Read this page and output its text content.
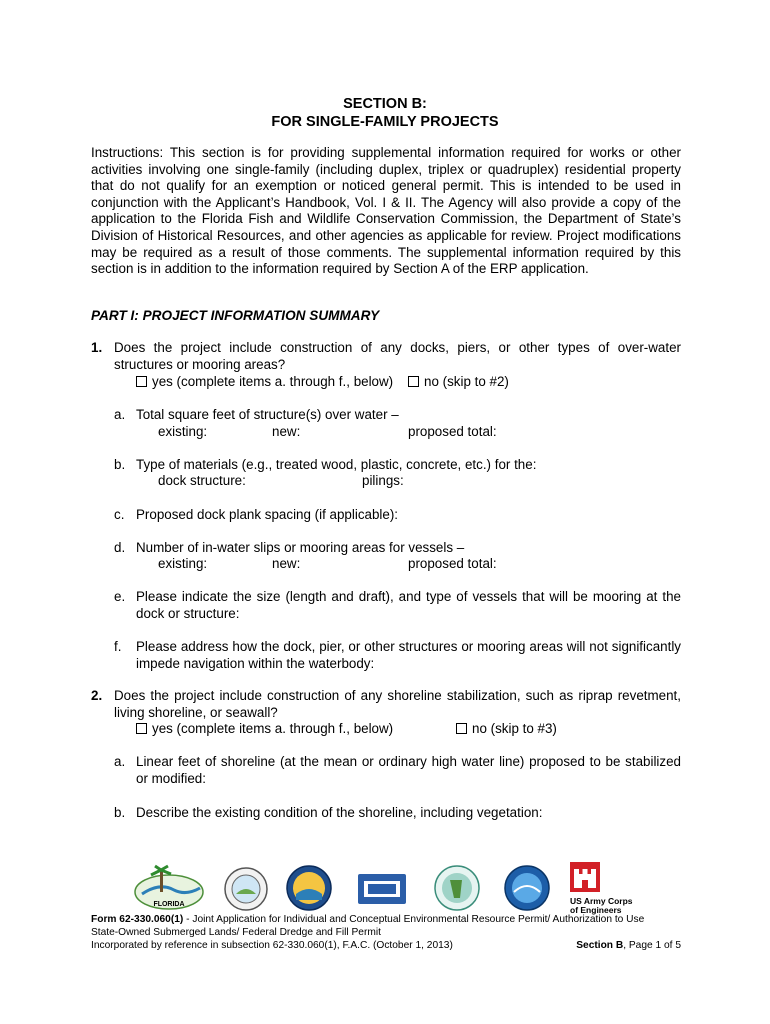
SECTION B:
FOR SINGLE-FAMILY PROJECTS
Instructions: This section is for providing supplemental information required for works or other activities involving one single-family (including duplex, triplex or quadruplex) residential property that do not qualify for an exemption or noticed general permit. This is intended to be used in conjunction with the Applicant’s Handbook, Vol. I & II. The Agency will also provide a copy of the application to the Florida Fish and Wildlife Conservation Commission, the Department of State’s Division of Historical Resources, and other agencies as applicable for review. Project modifications may be required as a result of those comments. The supplemental information required by this section is in addition to the information required by Section A of the ERP application.
PART I: PROJECT INFORMATION SUMMARY
1. Does the project include construction of any docks, piers, or other types of over-water structures or mooring areas?
yes (complete items a. through f., below) no (skip to #2)
a. Total square feet of structure(s) over water –
existing:	new:	proposed total:
b. Type of materials (e.g., treated wood, plastic, concrete, etc.) for the:
dock structure:	pilings:
c. Proposed dock plank spacing (if applicable):
d. Number of in-water slips or mooring areas for vessels –
existing:	new:	proposed total:
e. Please indicate the size (length and draft), and type of vessels that will be mooring at the dock or structure:
f. Please address how the dock, pier, or other structures or mooring areas will not significantly impede navigation within the waterbody:
2. Does the project include construction of any shoreline stabilization, such as riprap revetment, living shoreline, or seawall?
yes (complete items a. through f., below)	no (skip to #3)
a. Linear feet of shoreline (at the mean or ordinary high water line) proposed to be stabilized or modified:
b. Describe the existing condition of the shoreline, including vegetation:
FLORIDA	US Army Corps
of Engineers
Form 62-330.060(1) - Joint Application for Individual and Conceptual Environmental Resource Permit/ Authorization to Use
State-Owned Submerged Lands/ Federal Dredge and Fill Permit
Incorporated by reference in subsection 62-330.060(1), F.A.C. (October 1, 2013)	Section B, Page 1 of 5
